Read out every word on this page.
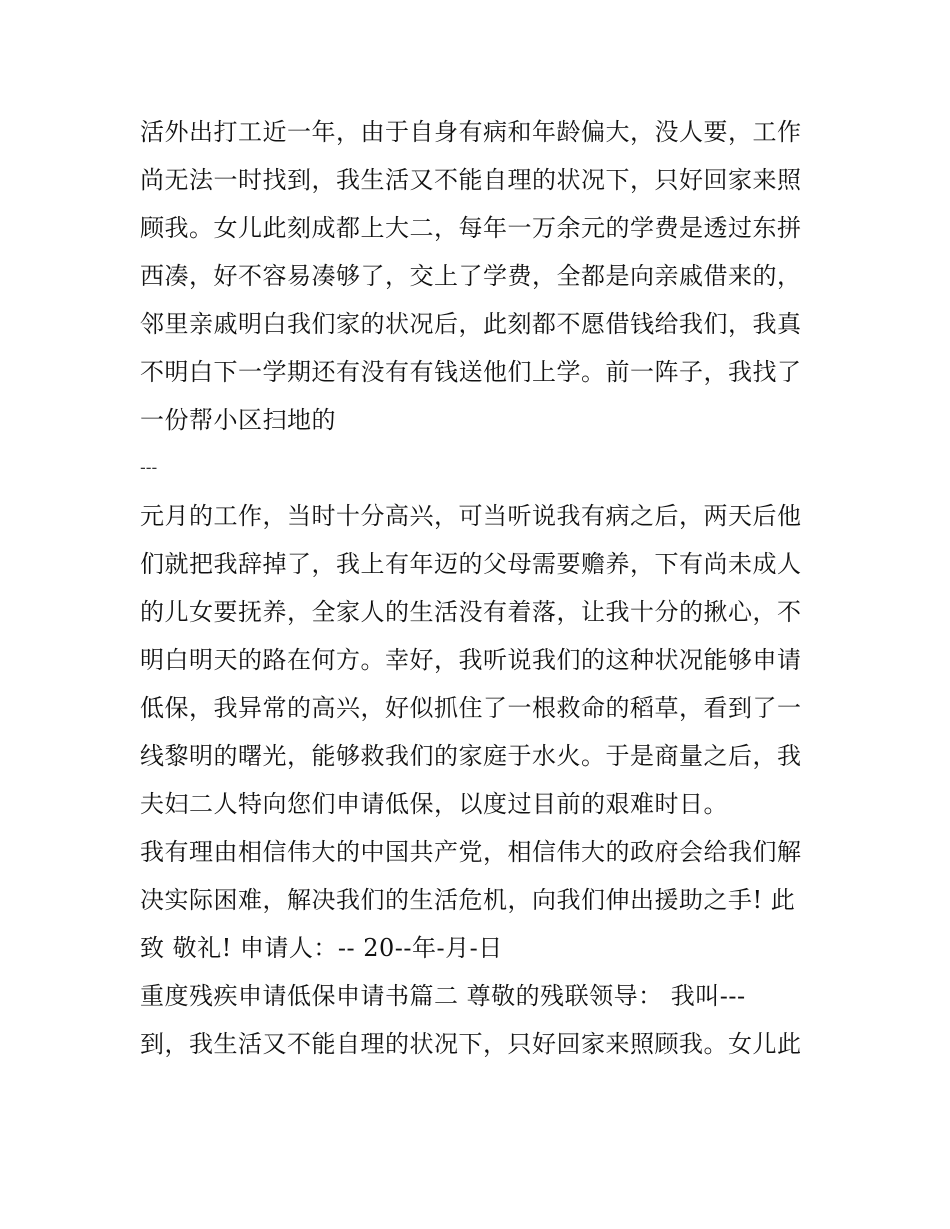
活外出打工近一年，由于自身有病和年龄偏大，没人要，工作
尚无法一时找到，我生活又不能自理的状况下，只好回家来照
顾我。女儿此刻成都上大二，每年一万余元的学费是透过东拼
西凑，好不容易凑够了，交上了学费，全都是向亲戚借来的，
邻里亲戚明白我们家的状况后，此刻都不愿借钱给我们，我真
不明白下一学期还有没有有钱送他们上学。前一阵子，我找了
一份帮小区扫地的
---
元月的工作，当时十分高兴，可当听说我有病之后，两天后他
们就把我辞掉了，我上有年迈的父母需要赡养，下有尚未成人
的儿女要抚养，全家人的生活没有着落，让我十分的揪心，不
明白明天的路在何方。幸好，我听说我们的这种状况能够申请
低保，我异常的高兴，好似抓住了一根救命的稻草，看到了一
线黎明的曙光，能够救我们的家庭于水火。于是商量之后，我
夫妇二人特向您们申请低保，以度过目前的艰难时日。
我有理由相信伟大的中国共产党，相信伟大的政府会给我们解
决实际困难，解决我们的生活危机，向我们伸出援助之手! 此
致 敬礼! 申请人：-- 20--年-月-日
重度残疾申请低保申请书篇二 尊敬的残联领导： 我叫---
到，我生活又不能自理的状况下，只好回家来照顾我。女儿此
